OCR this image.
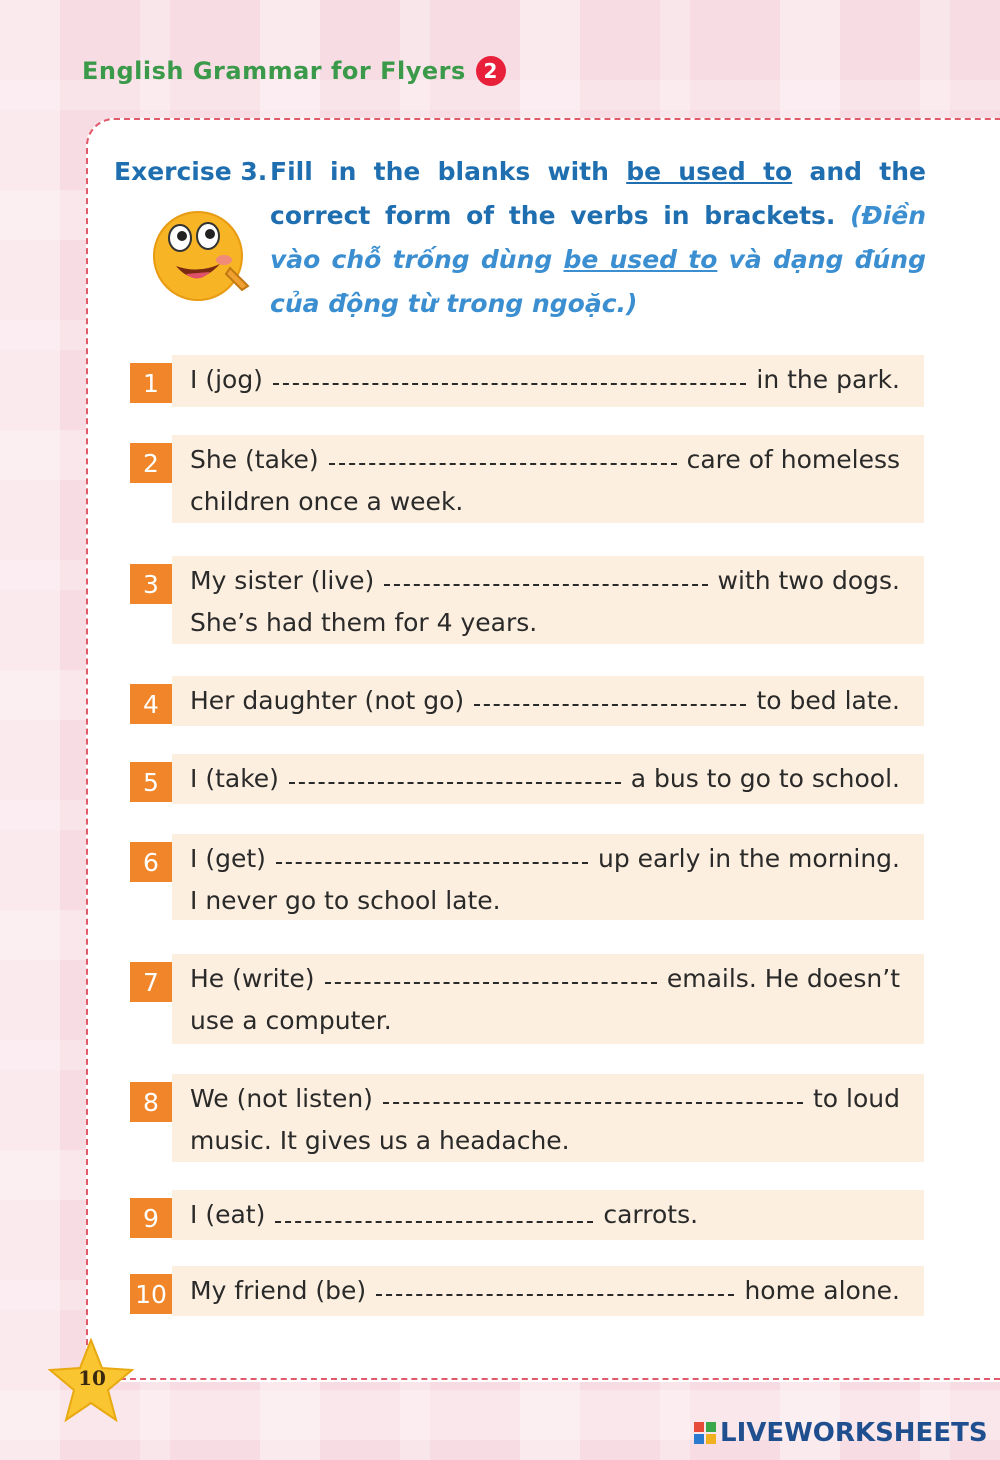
English Grammar for Flyers 2
Exercise 3. Fill in the blanks with be used to and the correct form of the verbs in brackets. (Điền vào chỗ trống dùng be used to và dạng đúng của động từ trong ngoặc.)
1	I (jog)	in the park.
2	She (take)	care of homeless
children once a week.
3	My sister (live)	with two dogs.
She’s had them for 4 years.
4	Her daughter (not go)	to bed late.
5	I (take)	a bus to go to school.
6	I (get)	up early in the morning.
I never go to school late.
7	He (write)	emails. He doesn’t
use a computer.
8	We (not listen)	to loud
music. It gives us a headache.
9	I (eat)	carrots.
10 My friend (be)	home alone.
10
LIVEWORKSHEETS
